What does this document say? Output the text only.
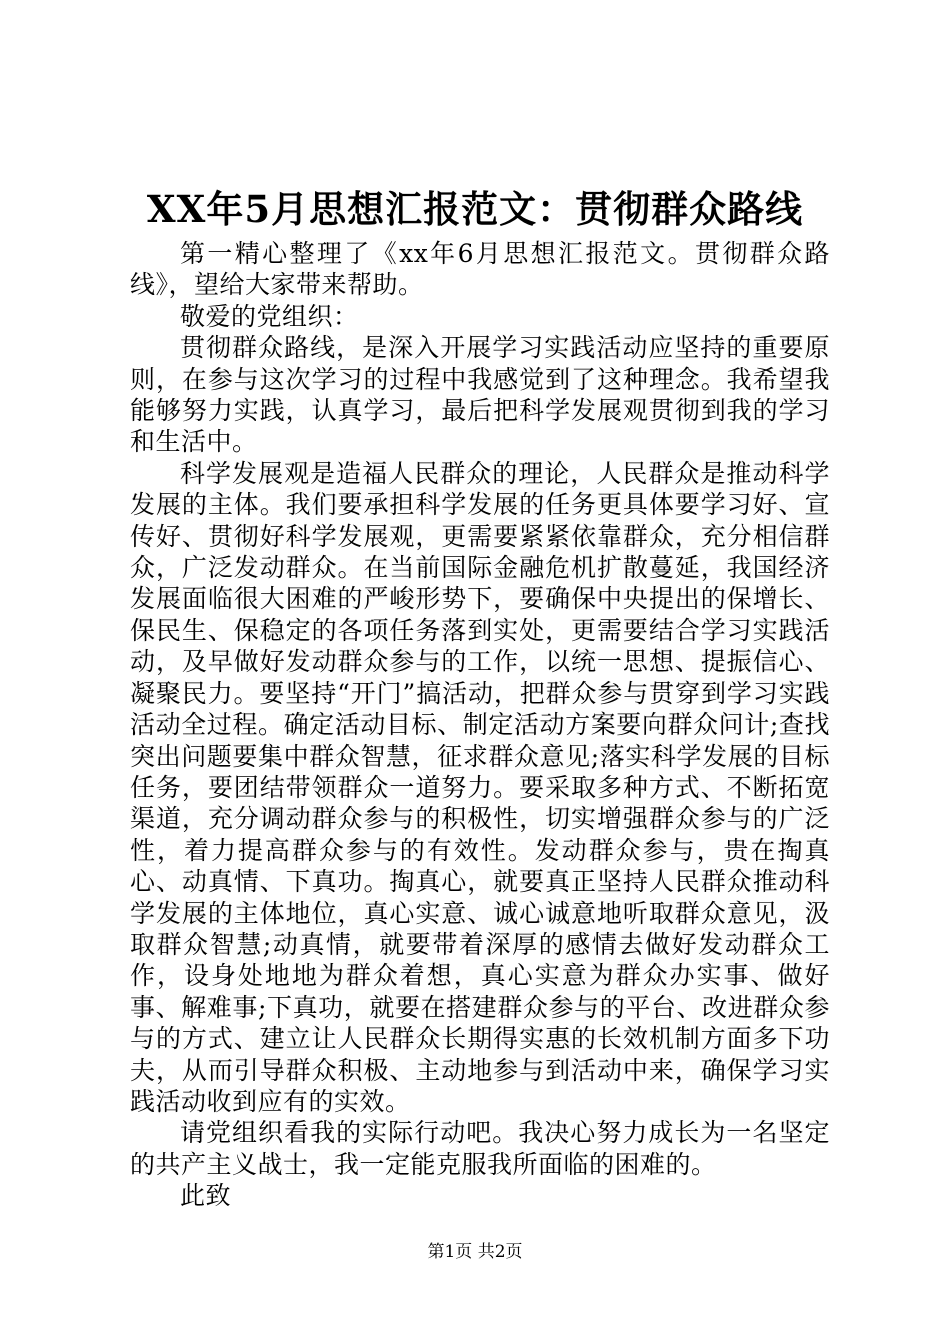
XX年5月思想汇报范文：贯彻群众路线

第一精心整理了《xx年6月思想汇报范文。贯彻群众路线》，望给大家带来帮助。

敬爱的党组织：

贯彻群众路线，是深入开展学习实践活动应坚持的重要原则，在参与这次学习的过程中我感觉到了这种理念。我希望我能够努力实践，认真学习，最后把科学发展观贯彻到我的学习和生活中。

科学发展观是造福人民群众的理论，人民群众是推动科学发展的主体。我们要承担科学发展的任务更具体要学习好、宣传好、贯彻好科学发展观，更需要紧紧依靠群众，充分相信群众，广泛发动群众。在当前国际金融危机扩散蔓延，我国经济发展面临很大困难的严峻形势下，要确保中央提出的保增长、保民生、保稳定的各项任务落到实处，更需要结合学习实践活动，及早做好发动群众参与的工作，以统一思想、提振信心、凝聚民力。要坚持“开门”搞活动，把群众参与贯穿到学习实践活动全过程。确定活动目标、制定活动方案要向群众问计;查找突出问题要集中群众智慧，征求群众意见;落实科学发展的目标任务，要团结带领群众一道努力。要采取多种方式、不断拓宽渠道，充分调动群众参与的积极性，切实增强群众参与的广泛性，着力提高群众参与的有效性。发动群众参与，贵在掏真心、动真情、下真功。掏真心，就要真正坚持人民群众推动科学发展的主体地位，真心实意、诚心诚意地听取群众意见，汲取群众智慧;动真情，就要带着深厚的感情去做好发动群众工作，设身处地地为群众着想，真心实意为群众办实事、做好事、解难事;下真功，就要在搭建群众参与的平台、改进群众参与的方式、建立让人民群众长期得实惠的长效机制方面多下功夫，从而引导群众积极、主动地参与到活动中来，确保学习实践活动收到应有的实效。

请党组织看我的实际行动吧。我决心努力成长为一名坚定的共产主义战士，我一定能克服我所面临的困难的。

此致

第1页 共2页
